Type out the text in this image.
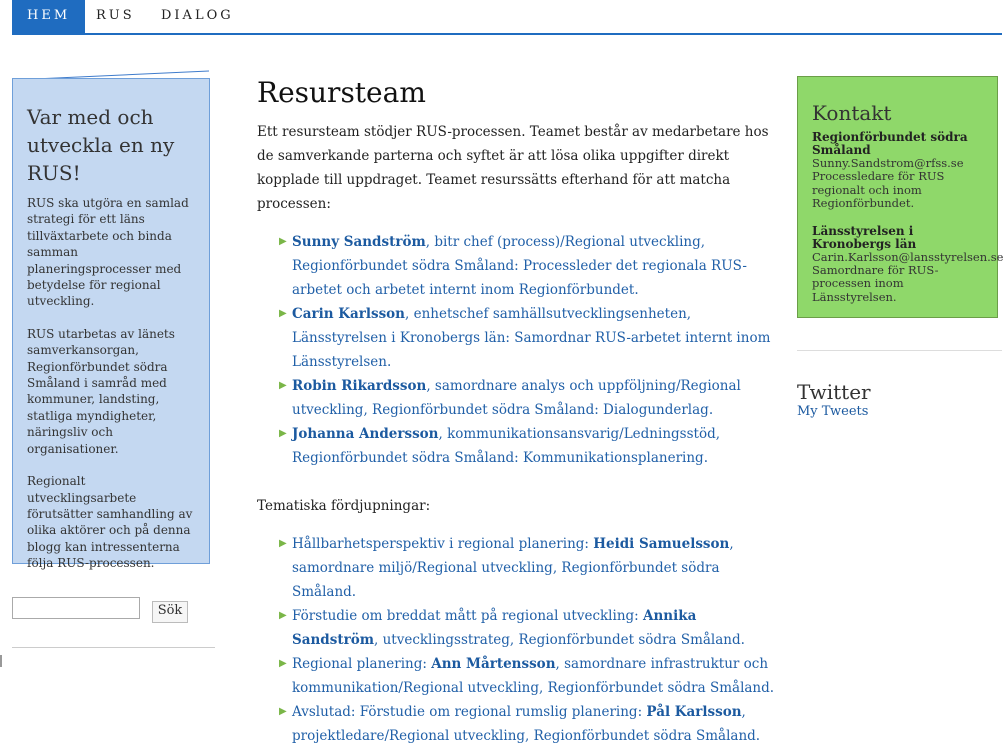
HEM	RUS	DIALOG
Var med och utveckla en ny RUS!

RUS ska utgöra en samlad strategi för ett läns tillväxtarbete och binda samman planeringsprocesser med betydelse för regional utveckling.

RUS utarbetas av länets samverkansorgan, Regionförbundet södra Småland i samråd med kommuner, landsting, statliga myndigheter, näringsliv och organisationer.

Regionalt utvecklingsarbete förutsätter samhandling av olika aktörer och på denna blogg kan intressenterna följa RUS-processen.

Sök
Resursteam

Ett resursteam stödjer RUS-processen. Teamet består av medarbetare hos de samverkande parterna och syftet är att lösa olika uppgifter direkt kopplade till uppdraget. Teamet resurssätts efterhand för att matcha processen:

▶ Sunny Sandström, bitr chef (process)/Regional utveckling, Regionförbundet södra Småland: Processleder det regionala RUS-arbetet och arbetet internt inom Regionförbundet.
▶ Carin Karlsson, enhetschef samhällsutvecklingsenheten, Länsstyrelsen i Kronobergs län: Samordnar RUS-arbetet internt inom Länsstyrelsen.
▶ Robin Rikardsson, samordnare analys och uppföljning/Regional utveckling, Regionförbundet södra Småland: Dialogunderlag.
▶ Johanna Andersson, kommunikationsansvarig/Ledningsstöd, Regionförbundet södra Småland: Kommunikationsplanering.

Tematiska fördjupningar:

▶ Hållbarhetsperspektiv i regional planering: Heidi Samuelsson, samordnare miljö/Regional utveckling, Regionförbundet södra Småland.
▶ Förstudie om breddat mått på regional utveckling: Annika Sandström, utvecklingsstrateg, Regionförbundet södra Småland.
▶ Regional planering: Ann Mårtensson, samordnare infrastruktur och kommunikation/Regional utveckling, Regionförbundet södra Småland.
▶ Avslutad: Förstudie om regional rumslig planering: Pål Karlsson, projektledare/Regional utveckling, Regionförbundet södra Småland.
Kontakt
Regionförbundet södra Småland
Sunny.Sandstrom@rfss.se
Processledare för RUS regionalt och inom Regionförbundet.
Länsstyrelsen i Kronobergs län
Carin.Karlsson@lansstyrelsen.se
Samordnare för RUS-processen inom Länsstyrelsen.
Twitter
My Tweets
